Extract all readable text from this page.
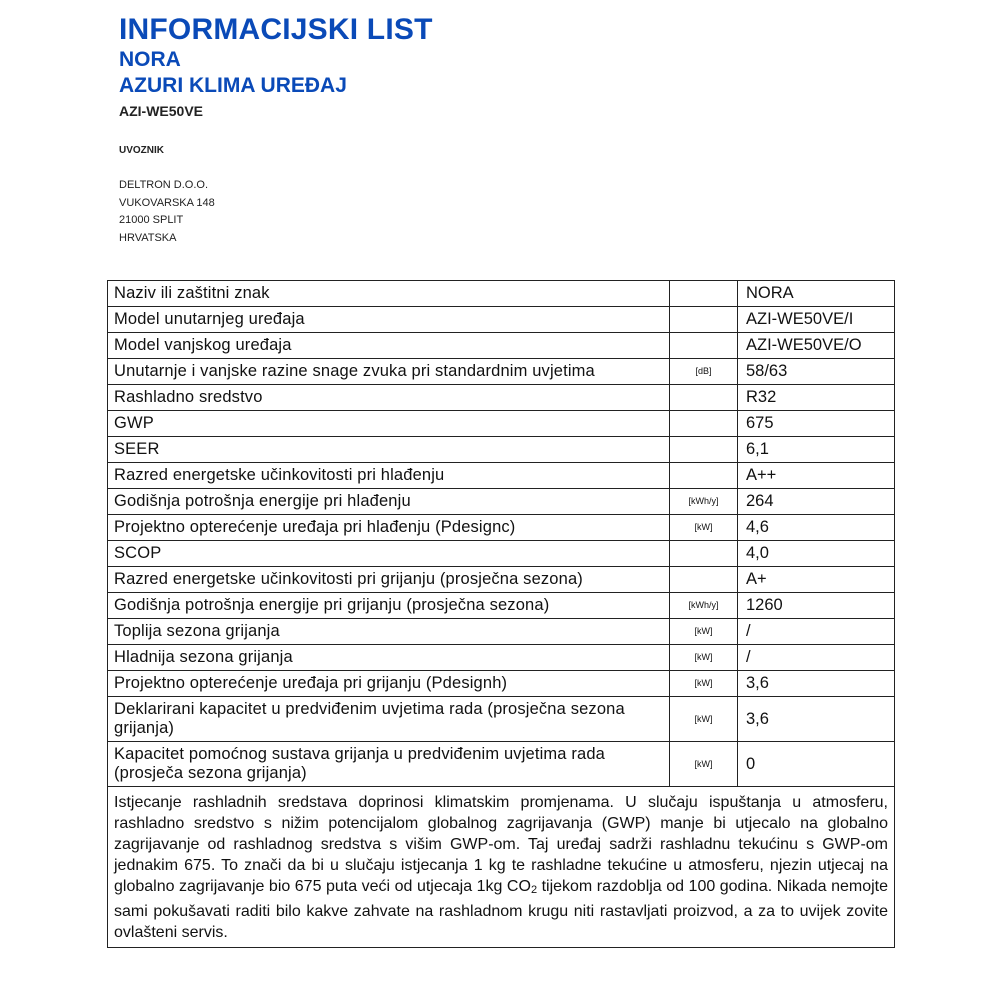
INFORMACIJSKI LIST
NORA
AZURI KLIMA UREĐAJ
AZI-WE50VE
UVOZNIK
DELTRON D.O.O.
VUKOVARSKA 148
21000 SPLIT
HRVATSKA
Naziv ili zaštitni znak		NORA
Model unutarnjeg uređaja		AZI-WE50VE/I
Model vanjskog uređaja		AZI-WE50VE/O
Unutarnje i vanjske razine snage zvuka pri standardnim uvjetima	[dB]	58/63
Rashladno sredstvo		R32
GWP		675
SEER		6,1
Razred energetske učinkovitosti pri hlađenju		A++
Godišnja potrošnja energije pri hlađenju	[kWh/y]	264
Projektno opterećenje uređaja pri hlađenju (Pdesignc)	[kW]	4,6
SCOP		4,0
Razred energetske učinkovitosti pri grijanju (prosječna sezona)		A+
Godišnja potrošnja energije pri grijanju (prosječna sezona)	[kWh/y]	1260
Toplija sezona grijanja	[kW]	/
Hladnija sezona grijanja	[kW]	/
Projektno opterećenje uređaja pri grijanju (Pdesignh)	[kW]	3,6
Deklarirani kapacitet u predviđenim uvjetima rada (prosječna sezona grijanja)	[kW]	3,6
Kapacitet pomoćnog sustava grijanja u predviđenim uvjetima rada (prosječa sezona grijanja)	[kW]	0
Istjecanje rashladnih sredstava doprinosi klimatskim promjenama. U slučaju ispuštanja u atmosferu, rashladno sredstvo s nižim potencijalom globalnog zagrijavanja (GWP) manje bi utjecalo na globalno zagrijavanje od rashladnog sredstva s višim GWP-om. Taj uređaj sadrži rashladnu tekućinu s GWP-om jednakim 675. To znači da bi u slučaju istjecanja 1 kg te rashladne tekućine u atmosferu, njezin utjecaj na globalno zagrijavanje bio 675 puta veći od utjecaja 1kg $CO_2$ tijekom razdoblja od 100 godina. Nikada nemojte sami pokušavati raditi bilo kakve zahvate na rashladnom krugu niti rastavljati proizvod, a za to uvijek zovite ovlašteni servis.		
